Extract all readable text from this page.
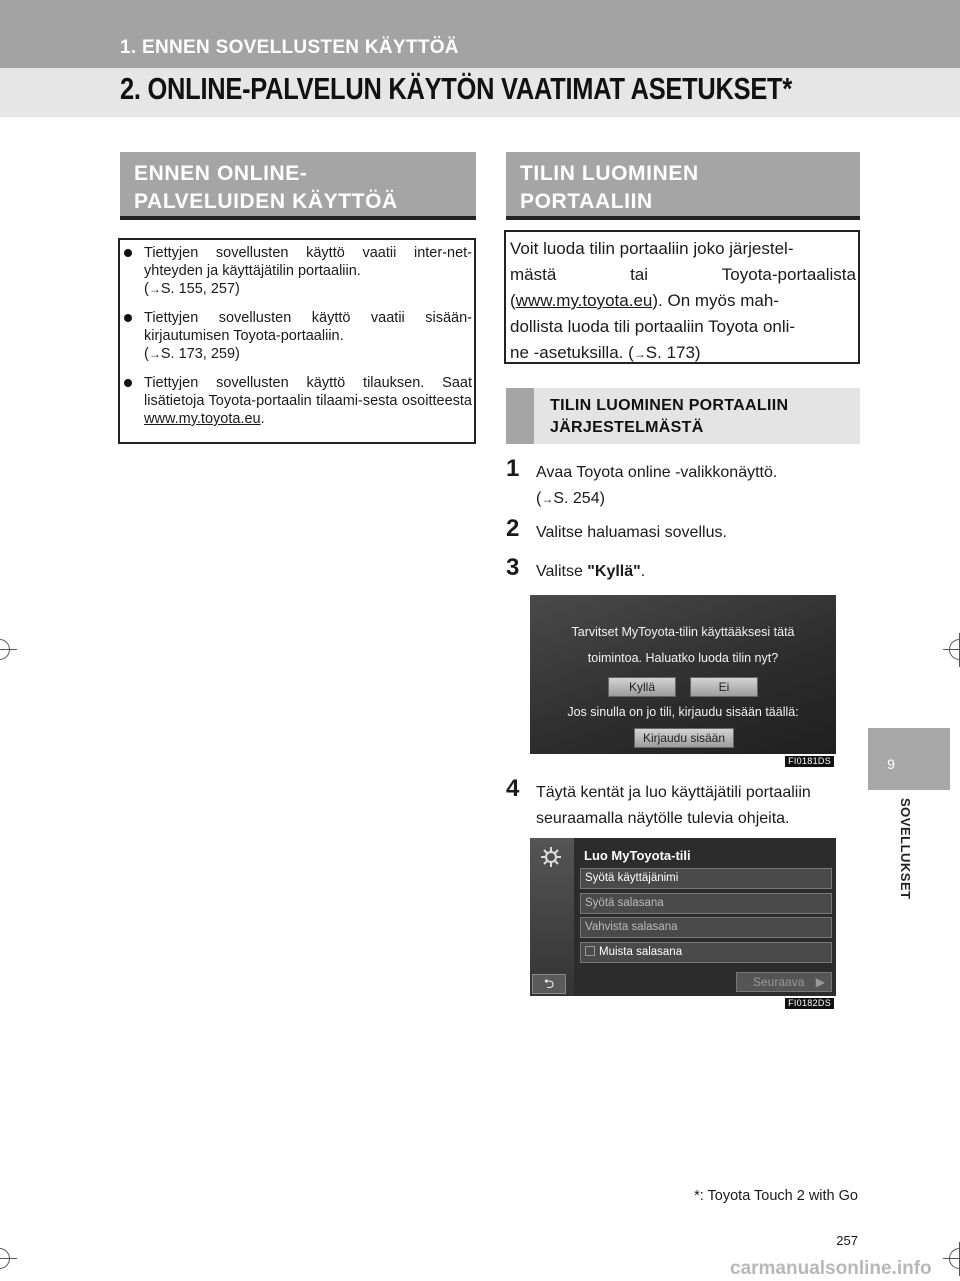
1. ENNEN SOVELLUSTEN KÄYTTÖÄ
2. ONLINE-PALVELUN KÄYTÖN VAATIMAT ASETUKSET*
9
SOVELLUKSET
ENNEN ONLINE-
PALVELUIDEN KÄYTTÖÄ
Tiettyjen sovellusten käyttö vaatii inter-net-yhteyden ja käyttäjätilin portaaliin.
(→S. 155, 257)
Tiettyjen sovellusten käyttö vaatii sisään-kirjautumisen Toyota-portaaliin.
(→S. 173, 259)
Tiettyjen sovellusten käyttö tilauksen. Saat lisätietoja Toyota-portaalin tilaami-sesta osoitteesta www.my.toyota.eu.
TILIN LUOMINEN
PORTAALIIN
Voit luoda tilin portaaliin joko järjestel-
mästä	tai	Toyota-portaalista
(www.my.toyota.eu). On myös mah-
dollista luoda tili portaaliin Toyota onli-
ne -asetuksilla. (→S. 173)
TILIN LUOMINEN PORTAALIIN
JÄRJESTELMÄSTÄ
1 Avaa Toyota online -valikkonäyttö.
(→S. 254)
2 Valitse haluamasi sovellus.
3 Valitse "Kyllä".
Tarvitset MyToyota-tilin käyttääksesi tätä
toimintoa. Haluatko luoda tilin nyt?
Kyllä	Ei
Jos sinulla on jo tili, kirjaudu sisään täällä:
Kirjaudu sisään
FI0181DS
4 Täytä kentät ja luo käyttäjätili portaaliin
seuraamalla näytölle tulevia ohjeita.
Luo MyToyota-tili
Syötä käyttäjänimi
Syötä salasana
Vahvista salasana
Muista salasana
⮌	Seuraava ▶
FI0182DS
*: Toyota Touch 2 with Go
257
carmanualsonline.info
